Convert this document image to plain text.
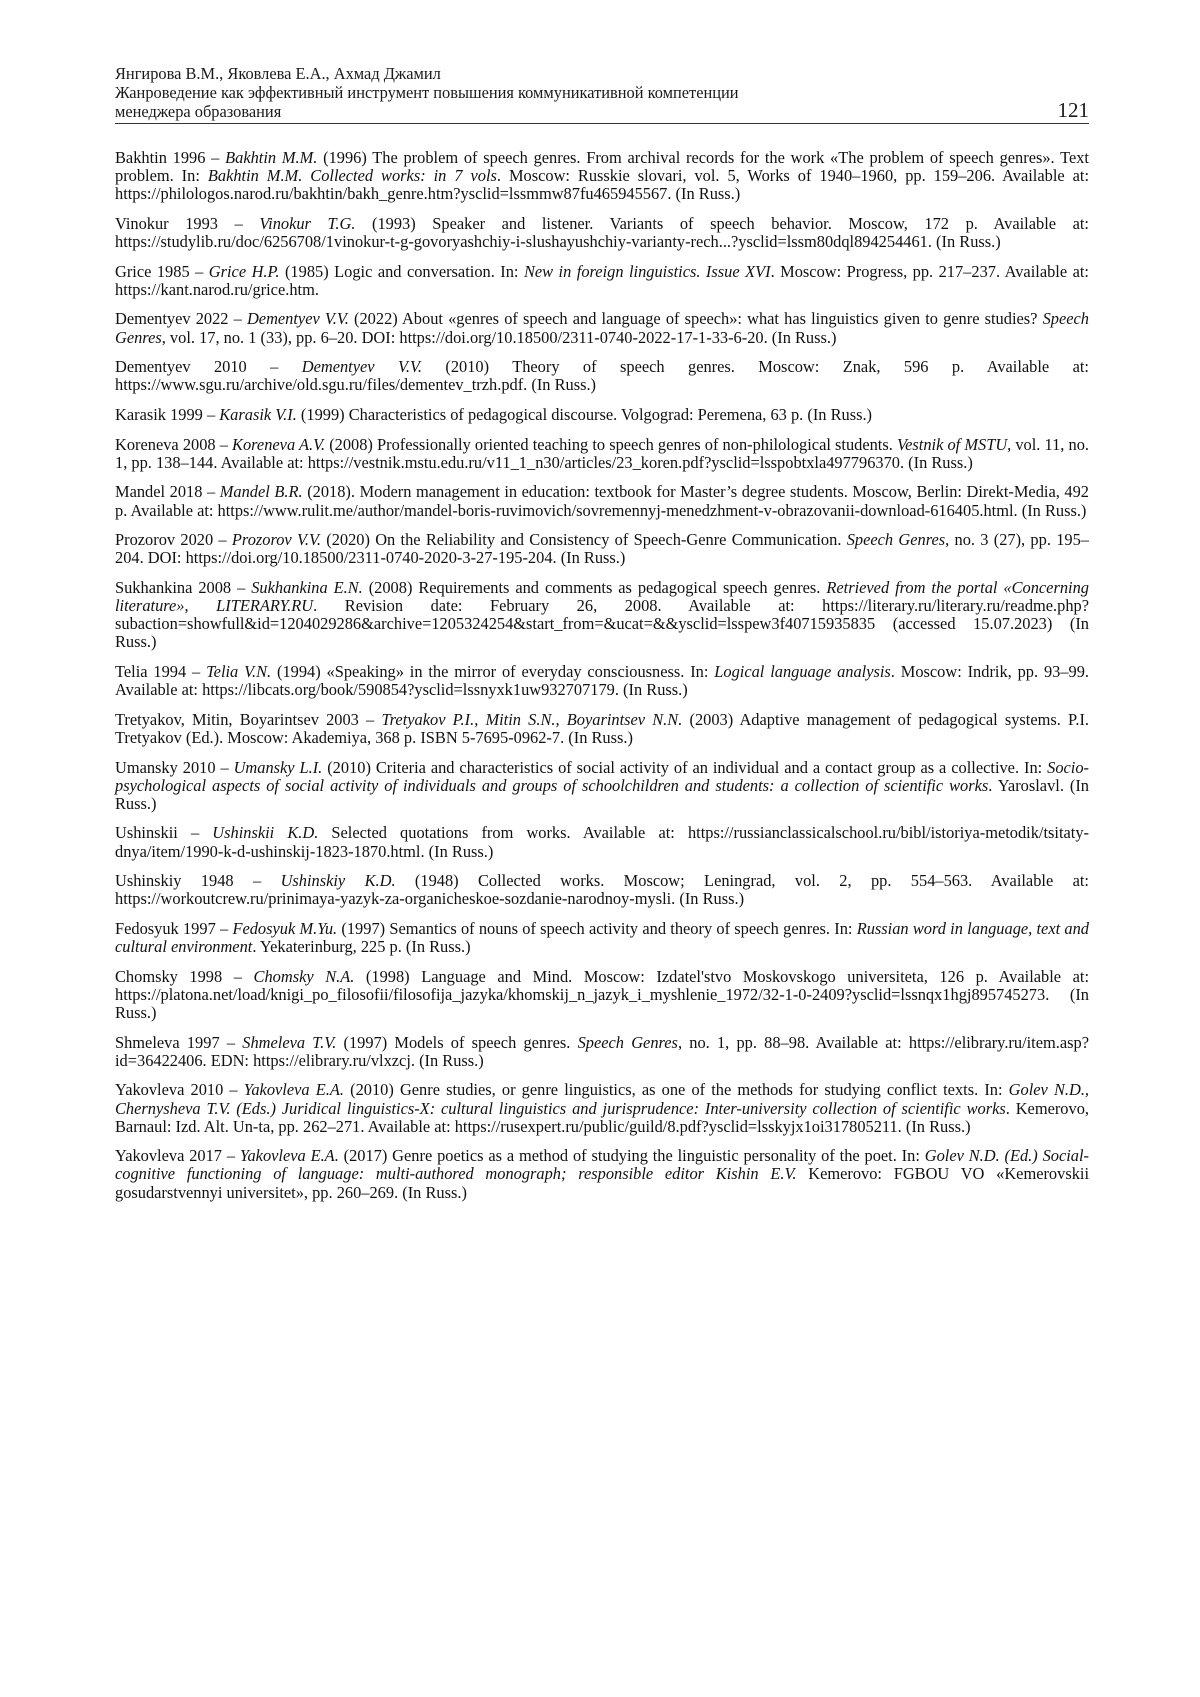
Янгирова В.М., Яковлева Е.А., Ахмад Джамил
Жанроведение как эффективный инструмент повышения коммуникативной компетенции
менеджера образования	121

Bakhtin 1996 – Bakhtin M.M. (1996) The problem of speech genres. From archival records for the work «The problem of speech genres». Text problem. In: Bakhtin M.M. Collected works: in 7 vols. Moscow: Russkie slovari, vol. 5, Works of 1940–1960, pp. 159–206. Available at: https://philologos.narod.ru/bakhtin/bakh_genre.htm?ysclid=lssmmw87fu465945567. (In Russ.)

Vinokur 1993 – Vinokur T.G. (1993) Speaker and listener. Variants of speech behavior. Moscow, 172 p. Available at: https://studylib.ru/doc/6256708/1vinokur-t-g-govoryashchiy-i-slushayushchiy-varianty-rech...?ysclid=lssm80dql894254461. (In Russ.)

Grice 1985 – Grice H.P. (1985) Logic and conversation. In: New in foreign linguistics. Issue XVI. Moscow: Progress, pp. 217–237. Available at: https://kant.narod.ru/grice.htm.

Dementyev 2022 – Dementyev V.V. (2022) About «genres of speech and language of speech»: what has linguistics given to genre studies? Speech Genres, vol. 17, no. 1 (33), pp. 6–20. DOI: https://doi.org/10.18500/2311-0740-2022-17-1-33-6-20. (In Russ.)

Dementyev 2010 – Dementyev V.V. (2010) Theory of speech genres. Moscow: Znak, 596 p. Available at: https://www.sgu.ru/archive/old.sgu.ru/files/dementev_trzh.pdf. (In Russ.)

Karasik 1999 – Karasik V.I. (1999) Characteristics of pedagogical discourse. Volgograd: Peremena, 63 p. (In Russ.)

Koreneva 2008 – Koreneva A.V. (2008) Professionally oriented teaching to speech genres of non-philological students. Vestnik of MSTU, vol. 11, no. 1, pp. 138–144. Available at: https://vestnik.mstu.edu.ru/v11_1_n30/articles/23_koren.pdf?ysclid=lsspobtxla497796370. (In Russ.)

Mandel 2018 – Mandel B.R. (2018). Modern management in education: textbook for Master’s degree students. Moscow, Berlin: Direkt-Media, 492 p. Available at: https://www.rulit.me/author/mandel-boris-ruvimovich/sovremennyj-menedzhment-v-obrazovanii-download-616405.html. (In Russ.)

Prozorov 2020 – Prozorov V.V. (2020) On the Reliability and Consistency of Speech-Genre Communication. Speech Genres, no. 3 (27), pp. 195–204. DOI: https://doi.org/10.18500/2311-0740-2020-3-27-195-204. (In Russ.)

Sukhankina 2008 – Sukhankina E.N. (2008) Requirements and comments as pedagogical speech genres. Retrieved from the portal «Concerning literature», LITERARY.RU. Revision date: February 26, 2008. Available at: https://literary.ru/literary.ru/readme.php?subaction=showfull&id=1204029286&archive=1205324254&start_from=&ucat=&&ysclid=lsspew3f40715935835 (accessed 15.07.2023) (In Russ.)

Telia 1994 – Telia V.N. (1994) «Speaking» in the mirror of everyday consciousness. In: Logical language analysis. Moscow: Indrik, pp. 93–99. Available at: https://libcats.org/book/590854?ysclid=lssnyxk1uw932707179. (In Russ.)

Tretyakov, Mitin, Boyarintsev 2003 – Tretyakov P.I., Mitin S.N., Boyarintsev N.N. (2003) Adaptive management of pedagogical systems. P.I. Tretyakov (Ed.). Moscow: Akademiya, 368 p. ISBN 5-7695-0962-7. (In Russ.)

Umansky 2010 – Umansky L.I. (2010) Criteria and characteristics of social activity of an individual and a contact group as a collective. In: Socio-psychological aspects of social activity of individuals and groups of schoolchildren and students: a collection of scientific works. Yaroslavl. (In Russ.)

Ushinskii – Ushinskii K.D. Selected quotations from works. Available at: https://russianclassicalschool.ru/bibl/istoriya-metodik/tsitaty-dnya/item/1990-k-d-ushinskij-1823-1870.html. (In Russ.)

Ushinskiy 1948 – Ushinskiy K.D. (1948) Collected works. Moscow; Leningrad, vol. 2, pp. 554–563. Available at: https://workoutcrew.ru/prinimaya-yazyk-za-organicheskoe-sozdanie-narodnoy-mysli. (In Russ.)

Fedosyuk 1997 – Fedosyuk M.Yu. (1997) Semantics of nouns of speech activity and theory of speech genres. In: Russian word in language, text and cultural environment. Yekaterinburg, 225 p. (In Russ.)

Chomsky 1998 – Chomsky N.A. (1998) Language and Mind. Moscow: Izdatel'stvo Moskovskogo universiteta, 126 p. Available at: https://platona.net/load/knigi_po_filosofii/filosofija_jazyka/khomskij_n_jazyk_i_myshlenie_1972/32-1-0-2409?ysclid=lssnqx1hgj895745273. (In Russ.)

Shmeleva 1997 – Shmeleva T.V. (1997) Models of speech genres. Speech Genres, no. 1, pp. 88–98. Available at: https://elibrary.ru/item.asp?id=36422406. EDN: https://elibrary.ru/vlxzcj. (In Russ.)

Yakovleva 2010 – Yakovleva E.A. (2010) Genre studies, or genre linguistics, as one of the methods for studying conflict texts. In: Golev N.D., Chernysheva T.V. (Eds.) Juridical linguistics-X: cultural linguistics and jurisprudence: Inter-university collection of scientific works. Kemerovo, Barnaul: Izd. Alt. Un-ta, pp. 262–271. Available at: https://rusexpert.ru/public/guild/8.pdf?ysclid=lsskyjx1oi317805211. (In Russ.)

Yakovleva 2017 – Yakovleva E.A. (2017) Genre poetics as a method of studying the linguistic personality of the poet. In: Golev N.D. (Ed.) Social-cognitive functioning of language: multi-authored monograph; responsible editor Kishin E.V. Kemerovo: FGBOU VO «Kemerovskii gosudarstvennyi universitet», pp. 260–269. (In Russ.)
